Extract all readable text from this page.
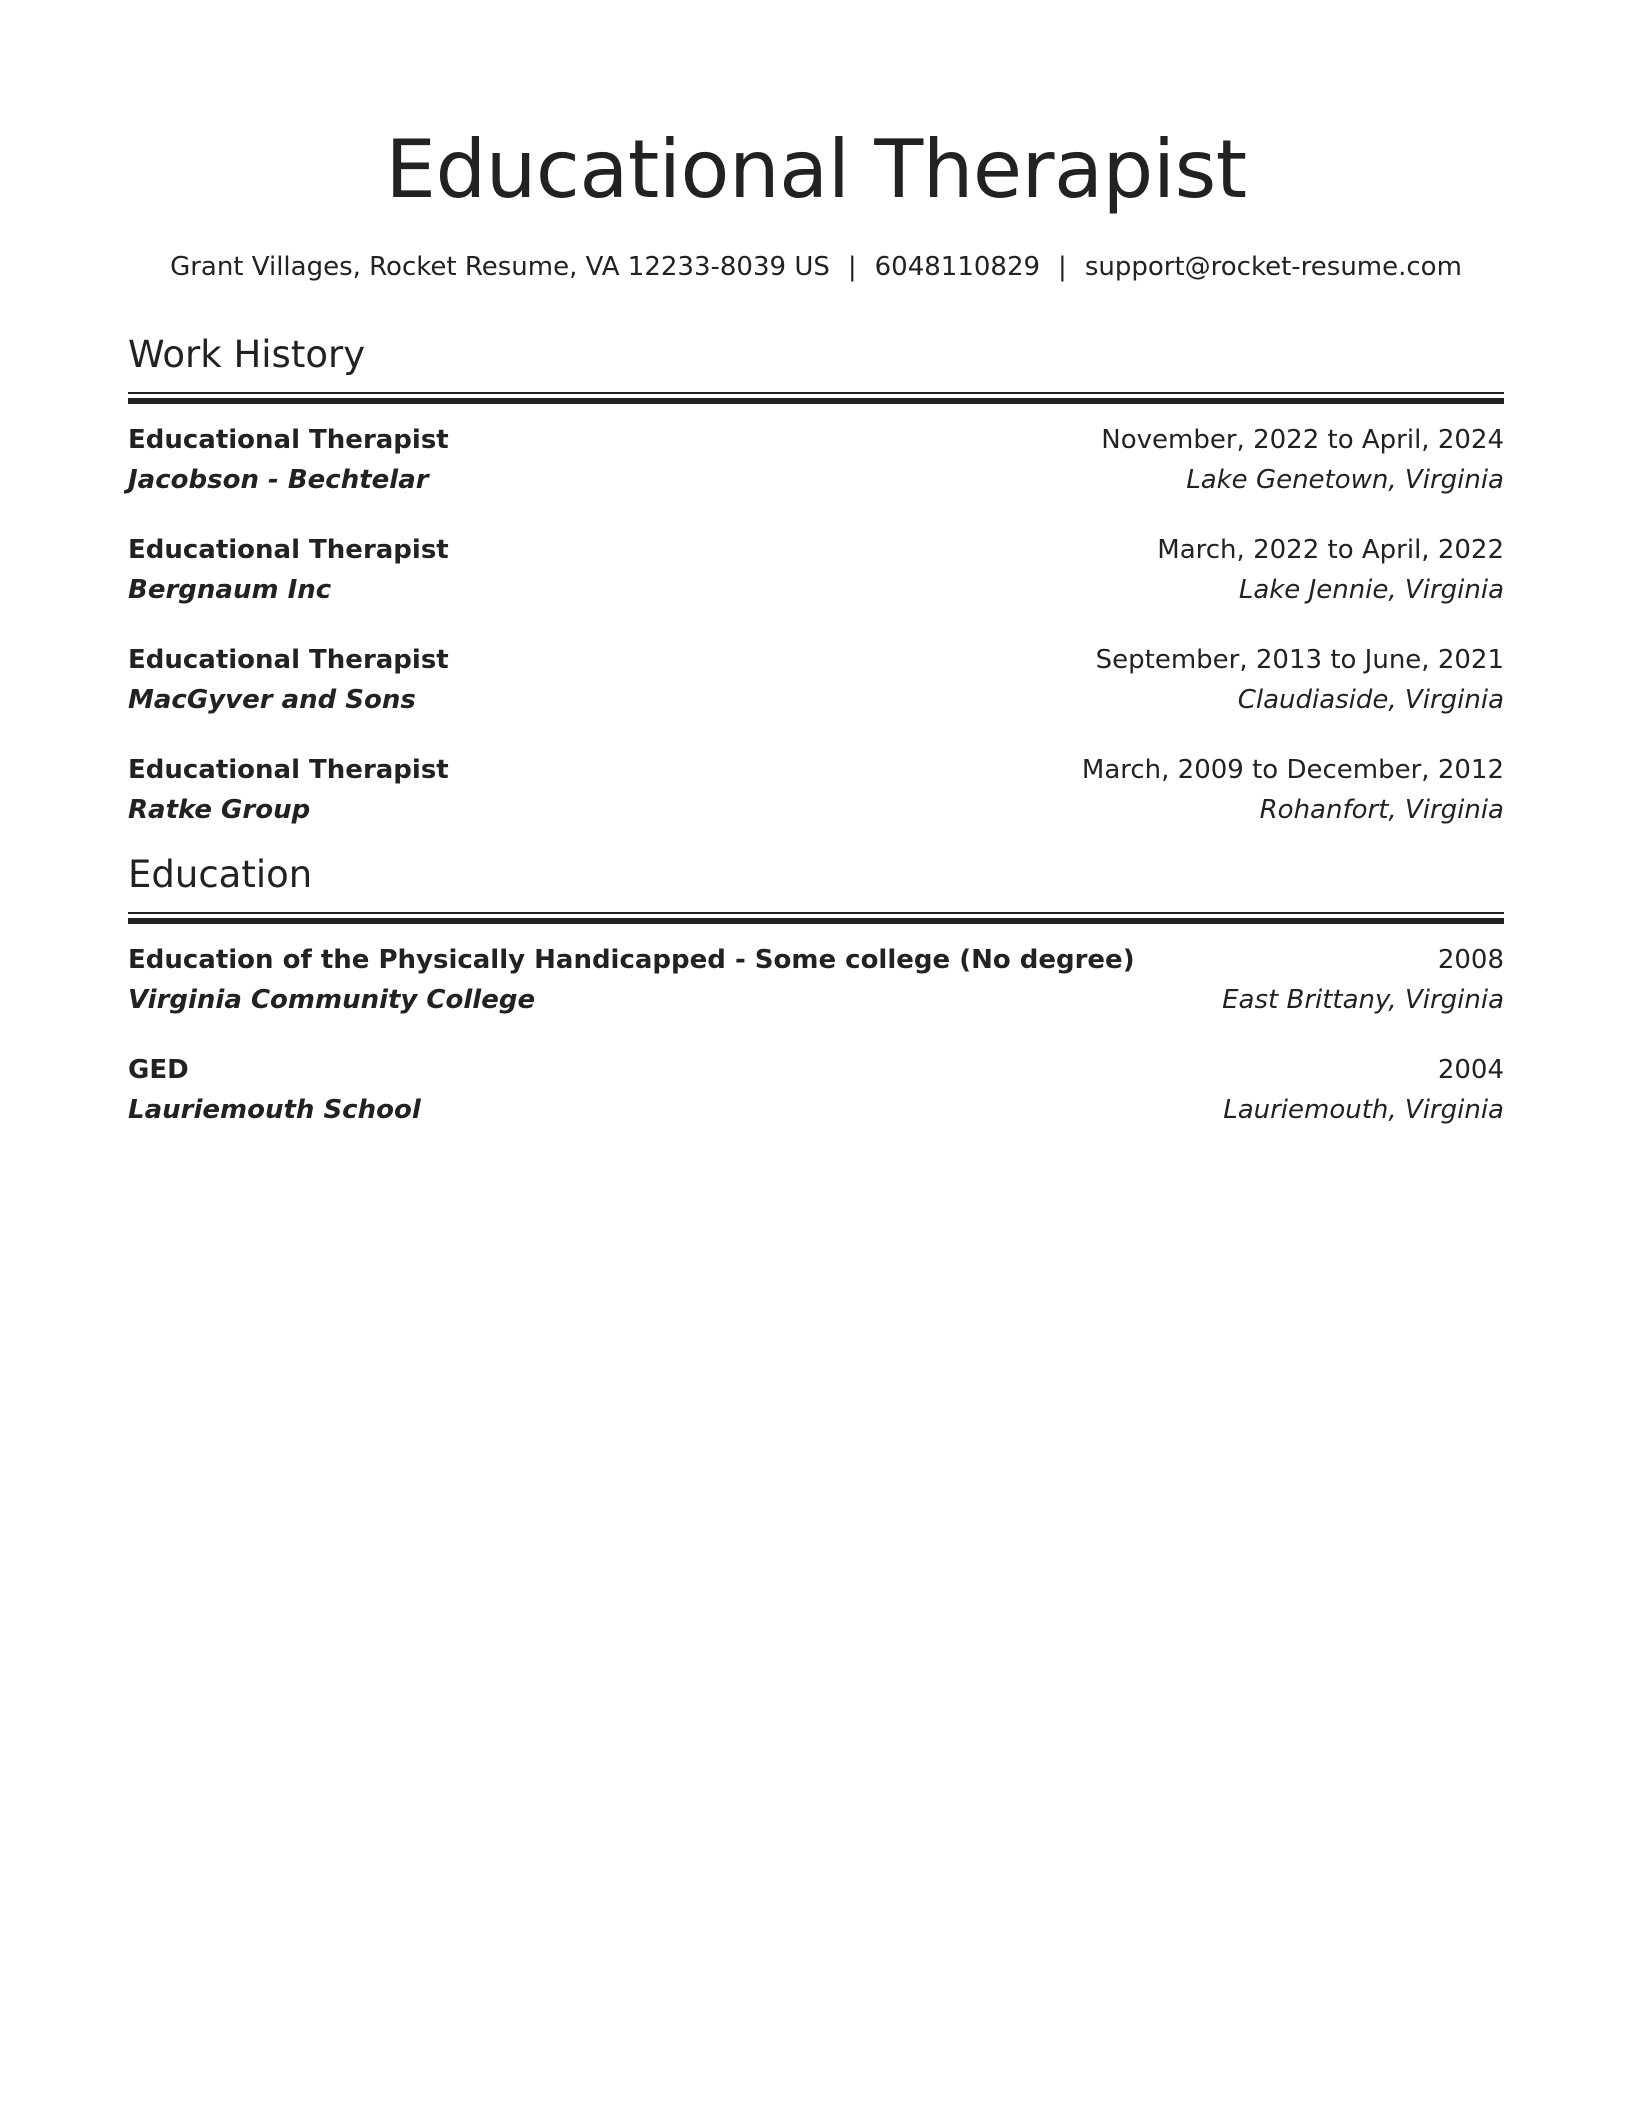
Educational Therapist
Grant Villages, Rocket Resume, VA 12233-8039 US | 6048110829 | support@rocket-resume.com
Work History
Educational Therapist	November, 2022 to April, 2024
Jacobson - Bechtelar	Lake Genetown, Virginia
Educational Therapist	March, 2022 to April, 2022
Bergnaum Inc	Lake Jennie, Virginia
Educational Therapist	September, 2013 to June, 2021
MacGyver and Sons	Claudiaside, Virginia
Educational Therapist	March, 2009 to December, 2012
Ratke Group	Rohanfort, Virginia
Education
Education of the Physically Handicapped - Some college (No degree)	2008
Virginia Community College	East Brittany, Virginia
GED	2004
Lauriemouth School	Lauriemouth, Virginia
